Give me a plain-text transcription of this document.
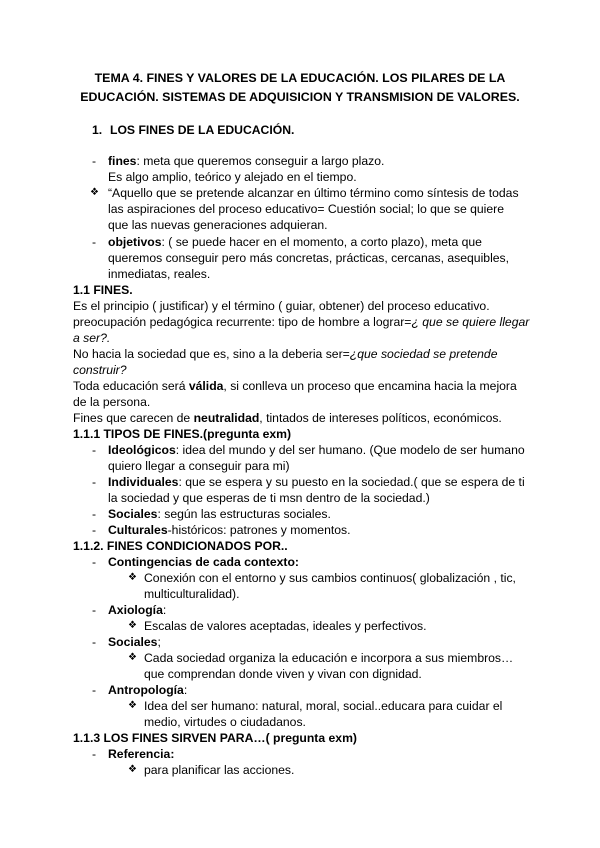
TEMA 4. FINES Y VALORES DE LA EDUCACIÓN. LOS PILARES DE LA
EDUCACIÓN. SISTEMAS DE ADQUISICION Y TRANSMISION DE VALORES.
1. LOS FINES DE LA EDUCACIÓN.
- fines: meta que queremos conseguir a largo plazo.
Es algo amplio, teórico y alejado en el tiempo.
❖ “Aquello que se pretende alcanzar en último término como síntesis de todas
las aspiraciones del proceso educativo= Cuestión social; lo que se quiere
que las nuevas generaciones adquieran.
- objetivos: ( se puede hacer en el momento, a corto plazo), meta que
queremos conseguir pero más concretas, prácticas, cercanas, asequibles,
inmediatas, reales.
1.1 FINES.
Es el principio ( justificar) y el término ( guiar, obtener) del proceso educativo.
preocupación pedagógica recurrente: tipo de hombre a lograr=¿ que se quiere llegar
a ser?.
No hacia la sociedad que es, sino a la deberia ser=¿que sociedad se pretende
construir?
Toda educación será válida, si conlleva un proceso que encamina hacia la mejora
de la persona.
Fines que carecen de neutralidad, tintados de intereses políticos, económicos.
1.1.1 TIPOS DE FINES.(pregunta exm)
- Ideológicos: idea del mundo y del ser humano. (Que modelo de ser humano
quiero llegar a conseguir para mi)
- Individuales: que se espera y su puesto en la sociedad.( que se espera de ti
la sociedad y que esperas de ti msn dentro de la sociedad.)
- Sociales: según las estructuras sociales.
- Culturales-históricos: patrones y momentos.
1.1.2. FINES CONDICIONADOS POR..
- Contingencias de cada contexto:
❖ Conexión con el entorno y sus cambios continuos( globalización , tic,
multiculturalidad).
- Axiología:
❖ Escalas de valores aceptadas, ideales y perfectivos.
- Sociales;
❖ Cada sociedad organiza la educación e incorpora a sus miembros…
que comprendan donde viven y vivan con dignidad.
- Antropología:
❖ Idea del ser humano: natural, moral, social..educara para cuidar el
medio, virtudes o ciudadanos.
1.1.3 LOS FINES SIRVEN PARA…( pregunta exm)
- Referencia:
❖ para planificar las acciones.
